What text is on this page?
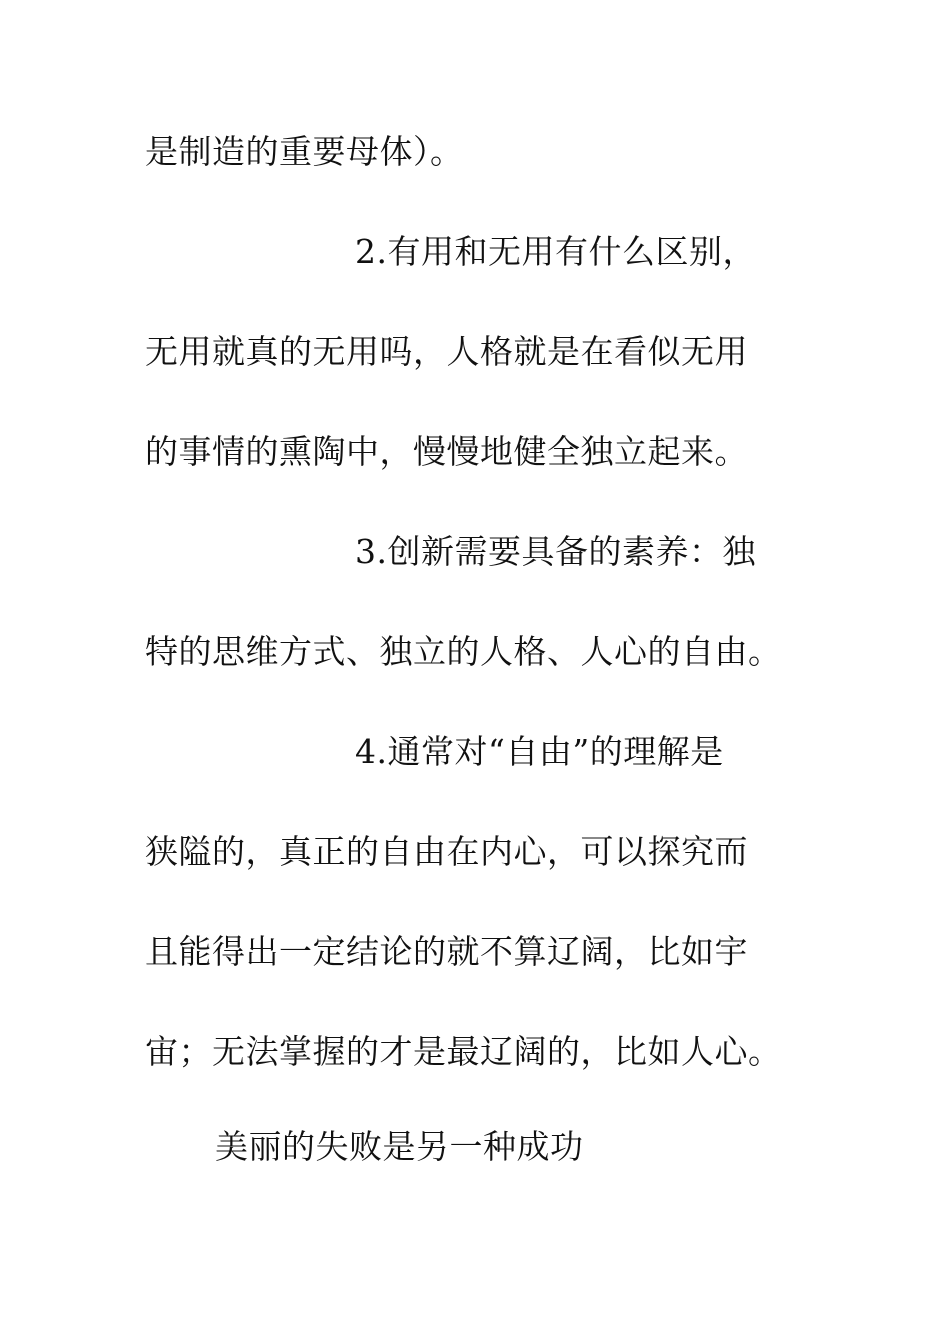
是制造的重要母体）。
2.有用和无用有什么区别，
无用就真的无用吗，人格就是在看似无用
的事情的熏陶中，慢慢地健全独立起来。
3.创新需要具备的素养：独
特的思维方式、独立的人格、人心的自由。
4.通常对“自由”的理解是
狭隘的，真正的自由在内心，可以探究而
且能得出一定结论的就不算辽阔，比如宇
宙；无法掌握的才是最辽阔的，比如人心。
美丽的失败是另一种成功
